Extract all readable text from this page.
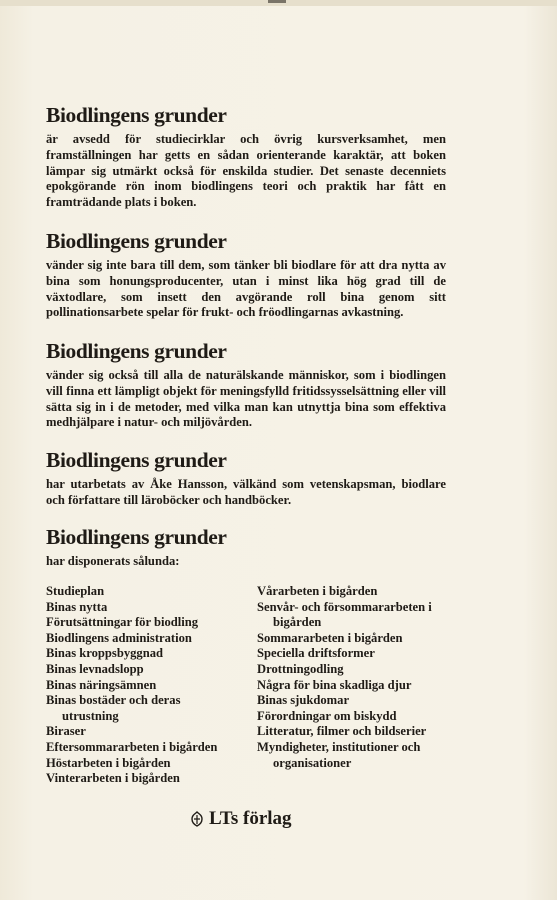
Biodlingens grunder

är avsedd för studiecirklar och övrig kursverksamhet, men framställningen har getts en sådan orienterande karaktär, att boken lämpar sig utmärkt också för enskilda studier. Det senaste decenniets epokgörande rön inom biodlingens teori och praktik har fått en framträdande plats i boken.

Biodlingens grunder

vänder sig inte bara till dem, som tänker bli biodlare för att dra nytta av bina som honungsproducenter, utan i minst lika hög grad till de växtodlare, som insett den avgörande roll bina genom sitt pollinationsarbete spelar för frukt- och fröodlingarnas avkastning.

Biodlingens grunder

vänder sig också till alla de naturälskande människor, som i biodlingen vill finna ett lämpligt objekt för meningsfylld fritidssysselsättning eller vill sätta sig in i de metoder, med vilka man kan utnyttja bina som effektiva medhjälpare i natur- och miljövården.

Biodlingens grunder

har utarbetats av Åke Hansson, välkänd som vetenskapsman, biodlare och författare till läroböcker och handböcker.

Biodlingens grunder

har disponerats sålunda:

Studieplan
Binas nytta
Förutsättningar för biodling
Biodlingens administration
Binas kroppsbyggnad
Binas levnadslopp
Binas näringsämnen
Binas bostäder och deras utrustning
Biraser
Eftersommararbeten i bigården
Höstarbeten i bigården
Vinterarbeten i bigården
Vårarbeten i bigården
Senvår- och försommararbeten i bigården
Sommararbeten i bigården
Speciella driftsformer
Drottningodling
Några för bina skadliga djur
Binas sjukdomar
Förordningar om biskydd
Litteratur, filmer och bildserier
Myndigheter, institutioner och organisationer
LTs förlag
